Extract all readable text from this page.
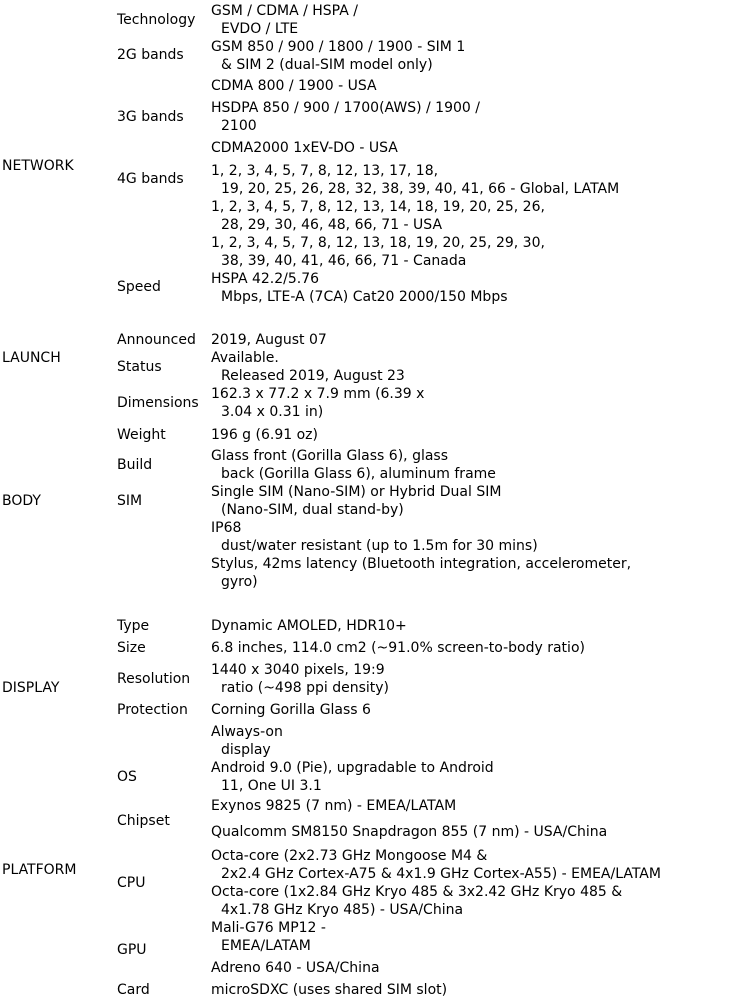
NETWORK
LAUNCH
BODY
DISPLAY
PLATFORM
Technology
2G bands
3G bands
4G bands
Speed
Announced
Status
Dimensions
Weight
Build
SIM
Type
Size
Resolution
Protection
OS
Chipset
CPU
GPU
Card
GSM / CDMA / HSPA /
EVDO / LTE
GSM 850 / 900 / 1800 / 1900 - SIM 1
& SIM 2 (dual-SIM model only)
CDMA 800 / 1900 - USA
HSDPA 850 / 900 / 1700(AWS) / 1900 /
2100
CDMA2000 1xEV-DO - USA
1, 2, 3, 4, 5, 7, 8, 12, 13, 17, 18,
19, 20, 25, 26, 28, 32, 38, 39, 40, 41, 66 - Global, LATAM
1, 2, 3, 4, 5, 7, 8, 12, 13, 14, 18, 19, 20, 25, 26,
28, 29, 30, 46, 48, 66, 71 - USA
1, 2, 3, 4, 5, 7, 8, 12, 13, 18, 19, 20, 25, 29, 30,
38, 39, 40, 41, 46, 66, 71 - Canada
HSPA 42.2/5.76
Mbps, LTE-A (7CA) Cat20 2000/150 Mbps
2019, August 07
Available.
Released 2019, August 23
162.3 x 77.2 x 7.9 mm (6.39 x
3.04 x 0.31 in)
196 g (6.91 oz)
Glass front (Gorilla Glass 6), glass
back (Gorilla Glass 6), aluminum frame
Single SIM (Nano-SIM) or Hybrid Dual SIM
(Nano-SIM, dual stand-by)
IP68
dust/water resistant (up to 1.5m for 30 mins)
Stylus, 42ms latency (Bluetooth integration, accelerometer,
gyro)
Dynamic AMOLED, HDR10+
6.8 inches, 114.0 cm2 (~91.0% screen-to-body ratio)
1440 x 3040 pixels, 19:9
ratio (~498 ppi density)
Corning Gorilla Glass 6
Always-on
display
Android 9.0 (Pie), upgradable to Android
11, One UI 3.1
Exynos 9825 (7 nm) - EMEA/LATAM
Qualcomm SM8150 Snapdragon 855 (7 nm) - USA/China
Octa-core (2x2.73 GHz Mongoose M4 &
2x2.4 GHz Cortex-A75 & 4x1.9 GHz Cortex-A55) - EMEA/LATAM
Octa-core (1x2.84 GHz Kryo 485 & 3x2.42 GHz Kryo 485 &
4x1.78 GHz Kryo 485) - USA/China
Mali-G76 MP12 -
EMEA/LATAM
Adreno 640 - USA/China
microSDXC (uses shared SIM slot)
